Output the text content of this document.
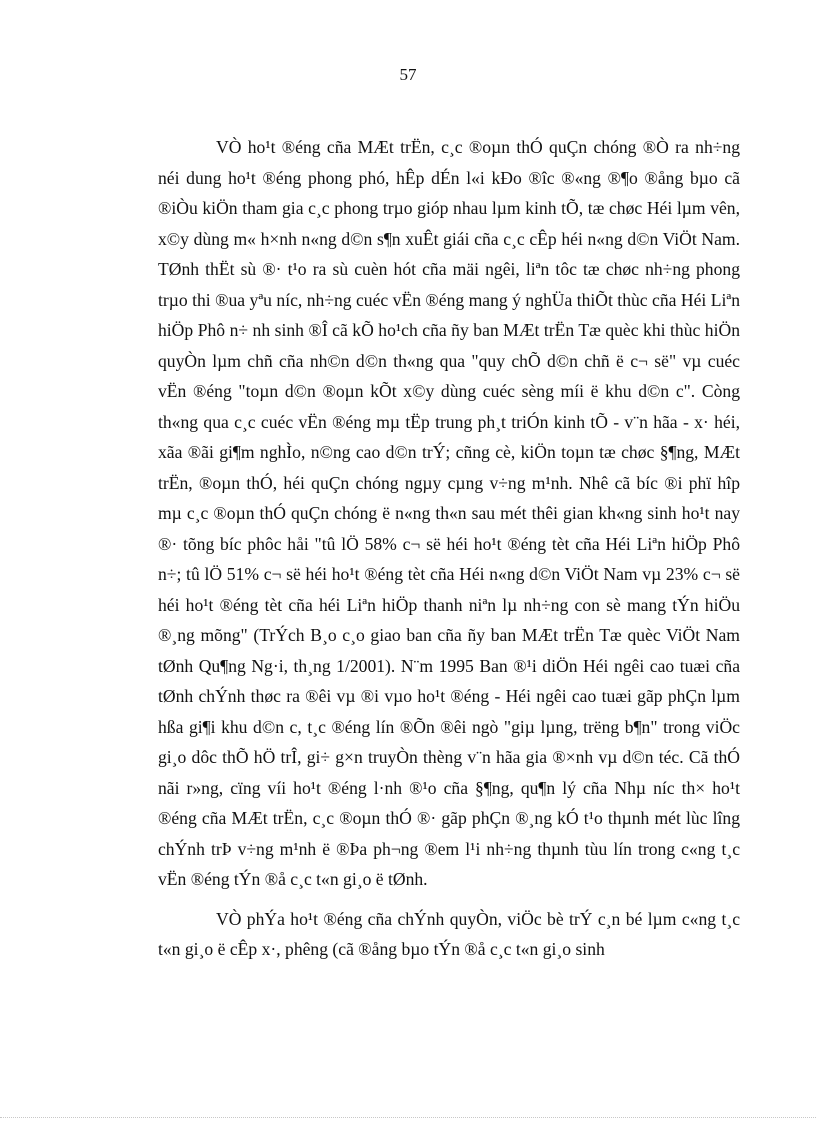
57

VÒ ho¹t ®éng cña MÆt trËn, c¸c ®oµn thÓ quÇn chóng ®Ò ra nh÷ng néi dung ho¹t ®éng phong phó, hÊp dÉn l«i kÐo ®îc ®«ng ®¶o ®ång bµo cã ®iÒu kiÖn tham gia c¸c phong trµo gióp nhau lµm kinh tÕ, tæ chøc Héi lµm vên, x©y dùng m« h×nh n«ng d©n s¶n xuÊt giái cña c¸c cÊp héi n«ng d©n ViÖt Nam. TØnh thËt sù ®· t¹o ra sù cuèn hót cña mäi ngêi, liªn tôc tæ chøc nh÷ng phong trµo thi ®ua yªu níc, nh÷ng cuéc vËn ®éng mang ý nghÜa thiÕt thùc cña Héi Liªn hiÖp Phô n÷ nh sinh ®Î cã kÕ ho¹ch cña ñy ban MÆt trËn Tæ quèc khi thùc hiÖn quyÒn lµm chñ cña nh©n d©n th«ng qua "quy chÕ d©n chñ ë c¬ së" vµ cuéc vËn ®éng "toµn d©n ®oµn kÕt x©y dùng cuéc sèng míi ë khu d©n c". Còng th«ng qua c¸c cuéc vËn ®éng mµ tËp trung ph¸t triÓn kinh tÕ - v¨n hãa - x· héi, xãa ®ãi gi¶m nghÌo, n©ng cao d©n trÝ; cñng cè, kiÖn toµn tæ chøc §¶ng, MÆt trËn, ®oµn thÓ, héi quÇn chóng ngµy cµng v÷ng m¹nh. Nhê cã bíc ®i phï hîp mµ c¸c ®oµn thÓ quÇn chóng ë n«ng th«n sau mét thêi gian kh«ng sinh ho¹t nay ®· tõng bíc phôc håi "tû lÖ 58% c¬ së héi ho¹t ®éng tèt cña Héi Liªn hiÖp Phô n÷; tû lÖ 51% c¬ së héi ho¹t ®éng tèt cña Héi n«ng d©n ViÖt Nam vµ 23% c¬ së héi ho¹t ®éng tèt cña héi Liªn hiÖp thanh niªn lµ nh÷ng con sè mang tÝn hiÖu ®¸ng mõng" (TrÝch B¸o c¸o giao ban cña ñy ban MÆt trËn Tæ quèc ViÖt Nam tØnh Qu¶ng Ng·i, th¸ng 1/2001). N¨m 1995 Ban ®¹i diÖn Héi ngêi cao tuæi cña tØnh chÝnh thøc ra ®êi vµ ®i vµo ho¹t ®éng - Héi ngêi cao tuæi gãp phÇn lµm hßa gi¶i khu d©n c, t¸c ®éng lín ®Õn ®êi ngò "giµ lµng, trëng b¶n" trong viÖc gi¸o dôc thÕ hÖ trÎ, gi÷ g×n truyÒn thèng v¨n hãa gia ®×nh vµ d©n téc. Cã thÓ nãi r»ng, cïng víi ho¹t ®éng l·nh ®¹o cña §¶ng, qu¶n lý cña Nhµ níc th× ho¹t ®éng cña MÆt trËn, c¸c ®oµn thÓ ®· gãp phÇn ®¸ng kÓ t¹o thµnh mét lùc lîng chÝnh trÞ v÷ng m¹nh ë ®Þa ph¬ng ®em l¹i nh÷ng thµnh tùu lín trong c«ng t¸c vËn ®éng tÝn ®å c¸c t«n gi¸o ë tØnh.

VÒ phÝa ho¹t ®éng cña chÝnh quyÒn, viÖc bè trÝ c¸n bé lµm c«ng t¸c t«n gi¸o ë cÊp x·, phêng (cã ®ång bµo tÝn ®å c¸c t«n gi¸o sinh
